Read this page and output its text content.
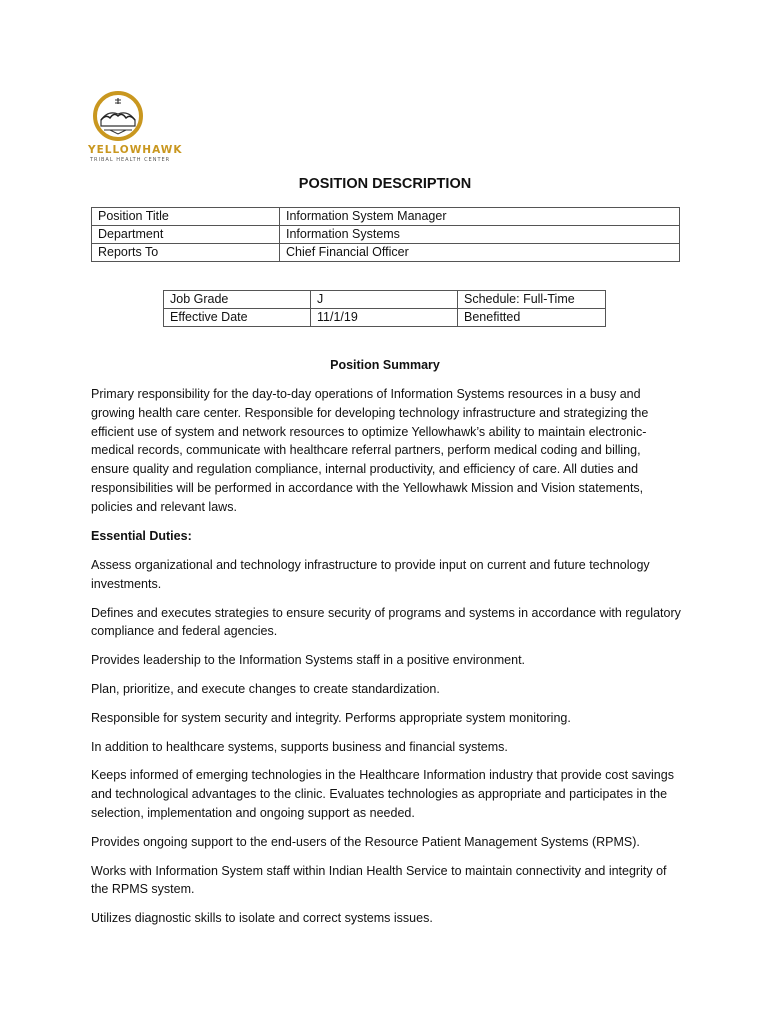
YELLOWHAWK
TRIBAL HEALTH CENTER
POSITION DESCRIPTION
Position Title	Information System Manager
Department	Information Systems
Reports To	Chief Financial Officer
Job Grade	J	Schedule: Full-Time
Effective Date	11/1/19	Benefitted
Position Summary
Primary responsibility for the day-to-day operations of Information Systems resources in a busy and growing health care center. Responsible for developing technology infrastructure and strategizing the efficient use of system and network resources to optimize Yellowhawk’s ability to maintain electronic-medical records, communicate with healthcare referral partners, perform medical coding and billing, ensure quality and regulation compliance, internal productivity, and efficiency of care. All duties and responsibilities will be performed in accordance with the Yellowhawk Mission and Vision statements, policies and relevant laws.
Essential Duties:

Assess organizational and technology infrastructure to provide input on current and future technology investments.

Defines and executes strategies to ensure security of programs and systems in accordance with regulatory compliance and federal agencies.

Provides leadership to the Information Systems staff in a positive environment.

Plan, prioritize, and execute changes to create standardization.

Responsible for system security and integrity. Performs appropriate system monitoring.

In addition to healthcare systems, supports business and financial systems.

Keeps informed of emerging technologies in the Healthcare Information industry that provide cost savings and technological advantages to the clinic. Evaluates technologies as appropriate and participates in the selection, implementation and ongoing support as needed.

Provides ongoing support to the end-users of the Resource Patient Management Systems (RPMS).

Works with Information System staff within Indian Health Service to maintain connectivity and integrity of the RPMS system.

Utilizes diagnostic skills to isolate and correct systems issues.
